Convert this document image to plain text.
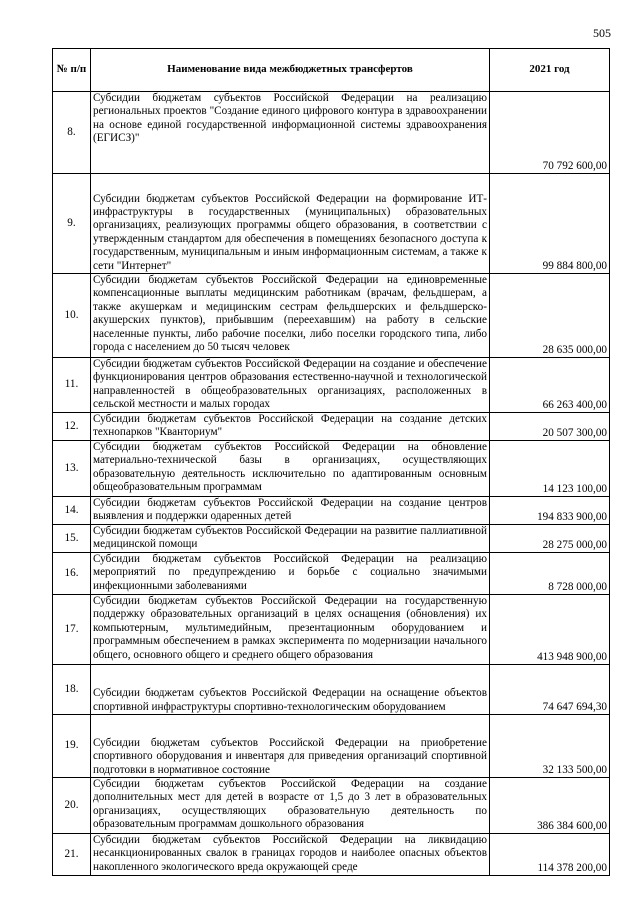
505
№ п/п	Наименование вида межбюджетных трансфертов	2021 год
8.	Субсидии бюджетам субъектов Российской Федерации на реализацию региональных проектов "Создание единого цифрового контура в здравоохранении на основе единой государственной информационной системы здравоохранения (ЕГИСЗ)"	70 792 600,00
9.	Субсидии бюджетам субъектов Российской Федерации на формирование ИТ-инфраструктуры в государственных (муниципальных) образовательных организациях, реализующих программы общего образования, в соответствии с утвержденным стандартом для обеспечения в помещениях безопасного доступа к государственным, муниципальным и иным информационным системам, а также к сети "Интернет"	99 884 800,00
10.	Субсидии бюджетам субъектов Российской Федерации на единовременные компенсационные выплаты медицинским работникам (врачам, фельдшерам, а также акушеркам и медицинским сестрам фельдшерских и фельдшерско-акушерских пунктов), прибывшим (переехавшим) на работу в сельские населенные пункты, либо рабочие поселки, либо поселки городского типа, либо города с населением до 50 тысяч человек	28 635 000,00
11.	Субсидии бюджетам субъектов Российской Федерации на создание и обеспечение функционирования центров образования естественно-научной и технологической направленностей в общеобразовательных организациях, расположенных в сельской местности и малых городах	66 263 400,00
12.	Субсидии бюджетам субъектов Российской Федерации на создание детских технопарков "Кванториум"	20 507 300,00
13.	Субсидии бюджетам субъектов Российской Федерации на обновление материально-технической базы в организациях, осуществляющих образовательную деятельность исключительно по адаптированным основным общеобразовательным программам	14 123 100,00
14.	Субсидии бюджетам субъектов Российской Федерации на создание центров выявления и поддержки одаренных детей	194 833 900,00
15.	Субсидии бюджетам субъектов Российской Федерации на развитие паллиативной медицинской помощи	28 275 000,00
16.	Субсидии бюджетам субъектов Российской Федерации на реализацию мероприятий по предупреждению и борьбе с социально значимыми инфекционными заболеваниями	8 728 000,00
17.	Субсидии бюджетам субъектов Российской Федерации на государственную поддержку образовательных организаций в целях оснащения (обновления) их компьютерным, мультимедийным, презентационным оборудованием и программным обеспечением в рамках эксперимента по модернизации начального общего, основного общего и среднего общего образования	413 948 900,00
18.	Субсидии бюджетам субъектов Российской Федерации на оснащение объектов спортивной инфраструктуры спортивно-технологическим оборудованием	74 647 694,30
19.	Субсидии бюджетам субъектов Российской Федерации на приобретение спортивного оборудования и инвентаря для приведения организаций спортивной подготовки в нормативное состояние	32 133 500,00
20.	Субсидии бюджетам субъектов Российской Федерации на создание дополнительных мест для детей в возрасте от 1,5 до 3 лет в образовательных организациях, осуществляющих образовательную деятельность по образовательным программам дошкольного образования	386 384 600,00
21.	Субсидии бюджетам субъектов Российской Федерации на ликвидацию несанкционированных свалок в границах городов и наиболее опасных объектов накопленного экологического вреда окружающей среде	114 378 200,00
